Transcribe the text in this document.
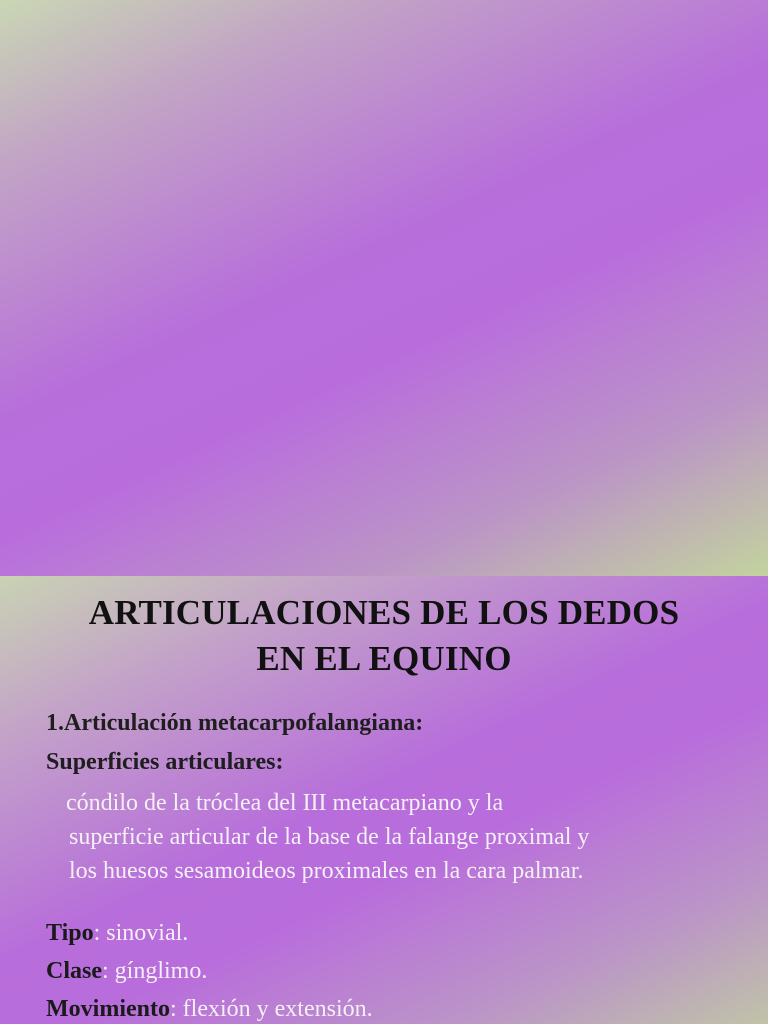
ARTICULACIONES DE LOS DEDOS
EN EL EQUINO
1.Articulación metacarpofalangiana:
Superficies articulares:
cóndilo de la tróclea del III metacarpiano y la
superficie articular de la base de la falange proximal y
los huesos sesamoideos proximales en la cara palmar.
Tipo: sinovial.
Clase: gínglimo.
Movimiento: flexión y extensión.
